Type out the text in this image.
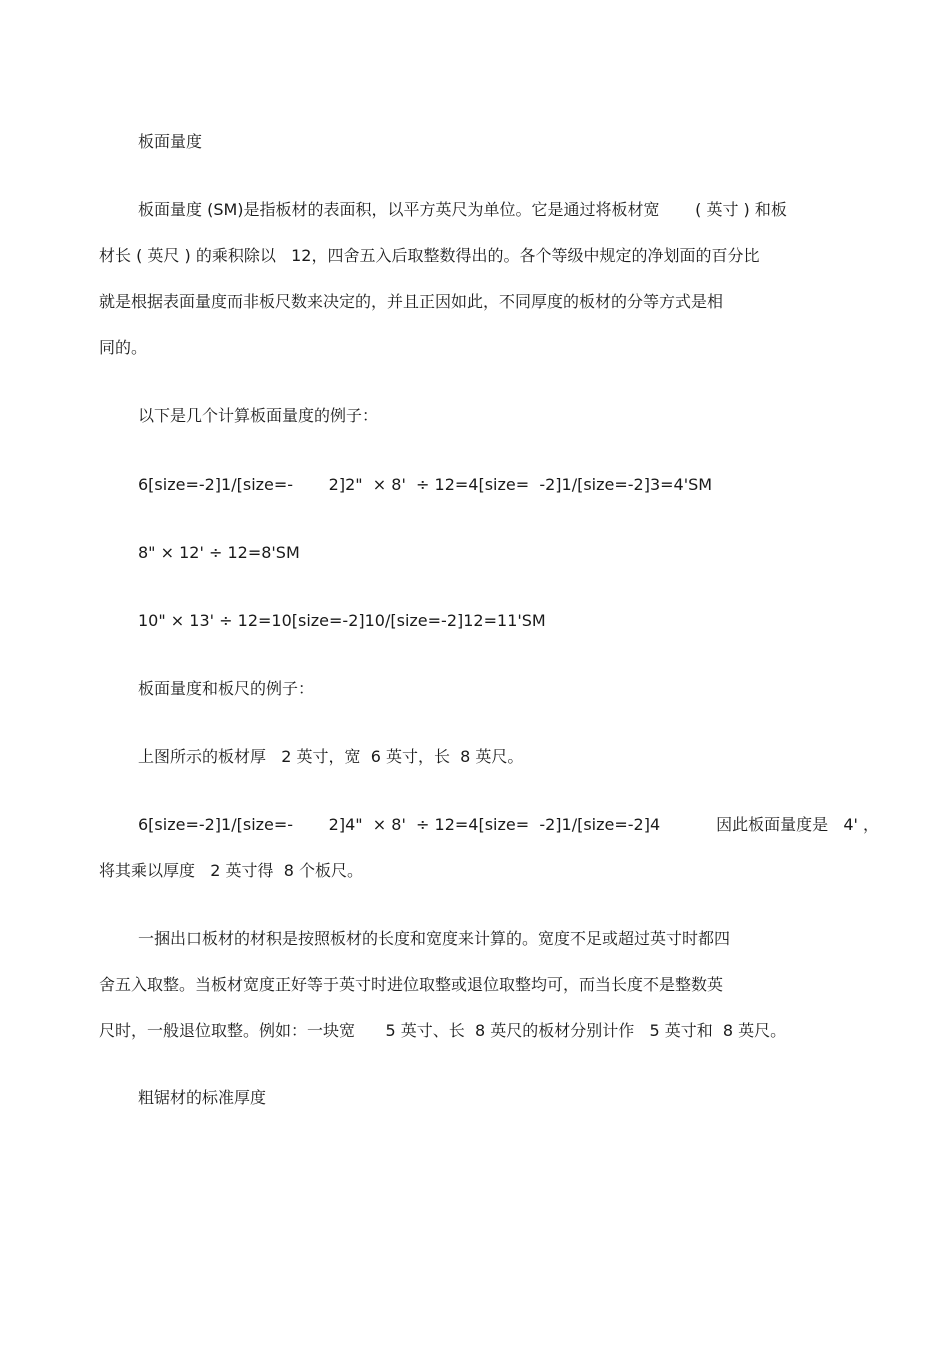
板面量度
板面量度 (SM)是指板材的表面积，以平方英尺为单位。它是通过将板材宽       ( 英寸 ) 和板
材长 ( 英尺 ) 的乘积除以   12，四舍五入后取整数得出的。各个等级中规定的净划面的百分比
就是根据表面量度而非板尺数来决定的，并且正因如此，不同厚度的板材的分等方式是相
同的。
以下是几个计算板面量度的例子：
6[size=-2]1/[size=-       2]2"  × 8'  ÷ 12=4[size=  -2]1/[size=-2]3=4'SM
8" × 12' ÷ 12=8'SM
10" × 13' ÷ 12=10[size=-2]10/[size=-2]12=11'SM
板面量度和板尺的例子：
上图所示的板材厚   2 英寸，宽  6 英寸，长  8 英尺。
6[size=-2]1/[size=-       2]4"  × 8'  ÷ 12=4[size=  -2]1/[size=-2]4           因此板面量度是   4' ，
将其乘以厚度   2 英寸得  8 个板尺。
一捆出口板材的材积是按照板材的长度和宽度来计算的。宽度不足或超过英寸时都四
舍五入取整。当板材宽度正好等于英寸时进位取整或退位取整均可，而当长度不是整数英
尺时，一般退位取整。例如：一块宽      5 英寸、长  8 英尺的板材分别计作   5 英寸和  8 英尺。
粗锯材的标准厚度
